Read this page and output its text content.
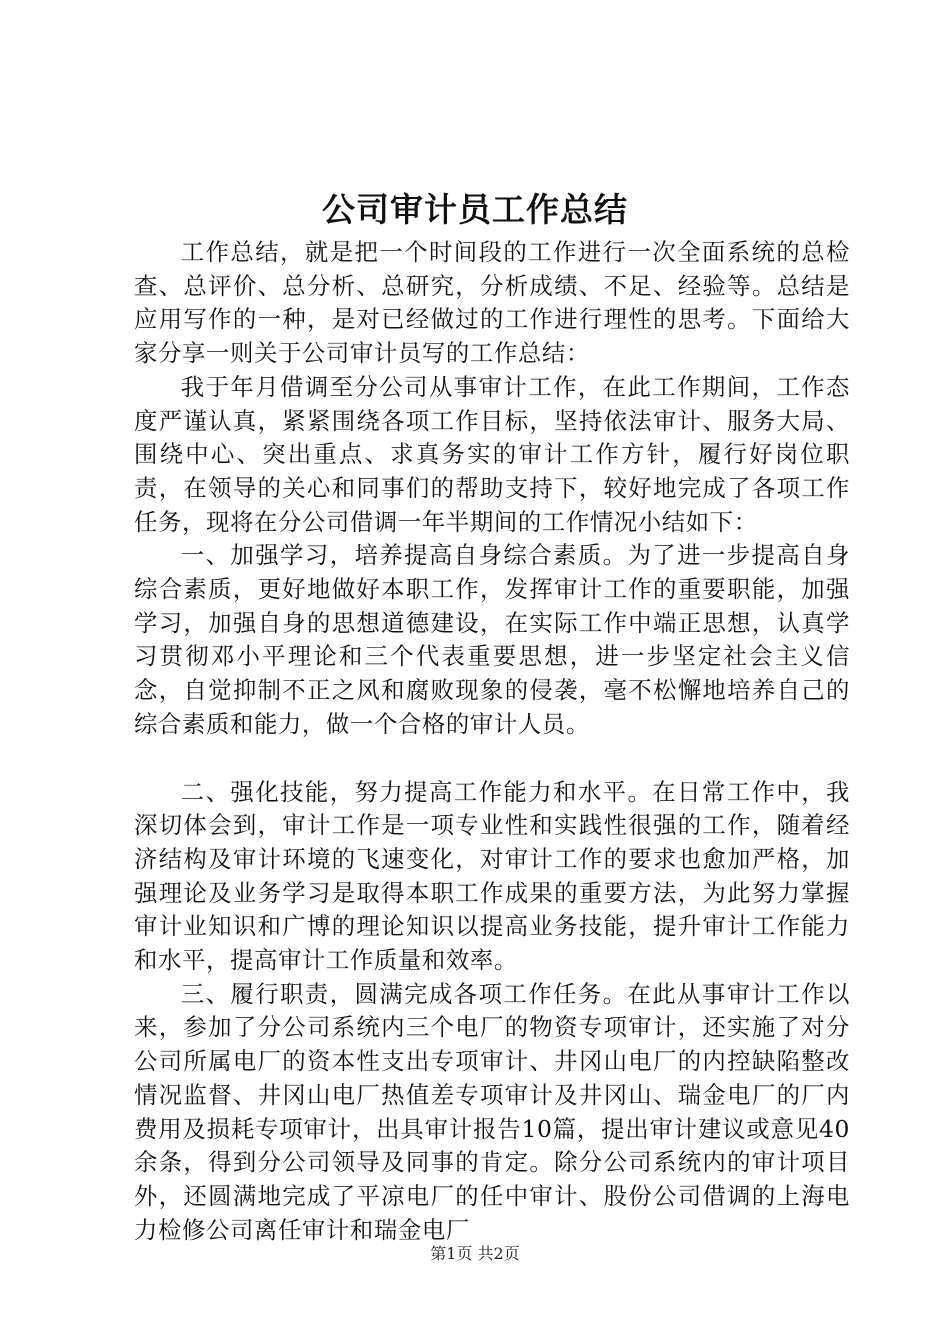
公司审计员工作总结

工作总结，就是把一个时间段的工作进行一次全面系统的总检查、总评价、总分析、总研究，分析成绩、不足、经验等。总结是应用写作的一种，是对已经做过的工作进行理性的思考。下面给大家分享一则关于公司审计员写的工作总结：

我于年月借调至分公司从事审计工作，在此工作期间，工作态度严谨认真，紧紧围绕各项工作目标，坚持依法审计、服务大局、围绕中心、突出重点、求真务实的审计工作方针，履行好岗位职责，在领导的关心和同事们的帮助支持下，较好地完成了各项工作任务，现将在分公司借调一年半期间的工作情况小结如下：

一、加强学习，培养提高自身综合素质。为了进一步提高自身综合素质，更好地做好本职工作，发挥审计工作的重要职能，加强学习，加强自身的思想道德建设，在实际工作中端正思想，认真学习贯彻邓小平理论和三个代表重要思想，进一步坚定社会主义信念，自觉抑制不正之风和腐败现象的侵袭，毫不松懈地培养自己的综合素质和能力，做一个合格的审计人员。

二、强化技能，努力提高工作能力和水平。在日常工作中，我深切体会到，审计工作是一项专业性和实践性很强的工作，随着经济结构及审计环境的飞速变化，对审计工作的要求也愈加严格，加强理论及业务学习是取得本职工作成果的重要方法，为此努力掌握审计业知识和广博的理论知识以提高业务技能，提升审计工作能力和水平，提高审计工作质量和效率。

三、履行职责，圆满完成各项工作任务。在此从事审计工作以来，参加了分公司系统内三个电厂的物资专项审计，还实施了对分公司所属电厂的资本性支出专项审计、井冈山电厂的内控缺陷整改情况监督、井冈山电厂热值差专项审计及井冈山、瑞金电厂的厂内费用及损耗专项审计，出具审计报告10篇，提出审计建议或意见40余条，得到分公司领导及同事的肯定。除分公司系统内的审计项目外，还圆满地完成了平凉电厂的任中审计、股份公司借调的上海电力检修公司离任审计和瑞金电厂

第1页 共2页
